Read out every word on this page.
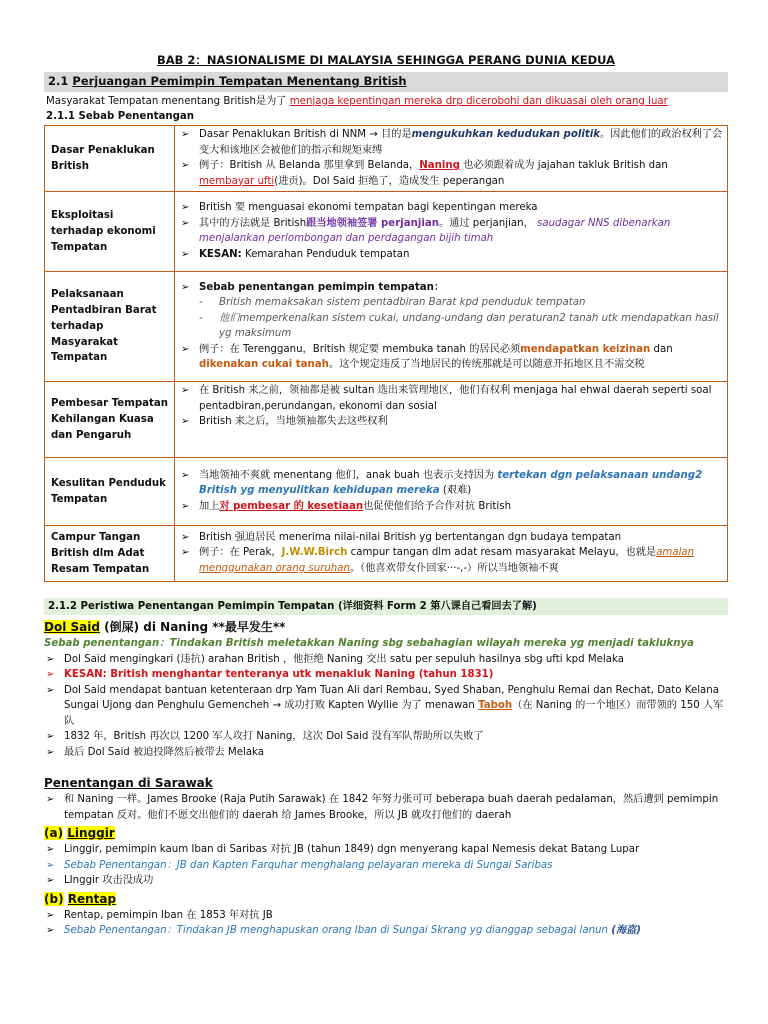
BAB 2：NASIONALISME DI MALAYSIA SEHINGGA PERANG DUNIA KEDUA
2.1 Perjuangan Pemimpin Tempatan Menentang British
Masyarakat Tempatan menentang British是为了 menjaga kepentingan mereka drp dicerobohi dan dikuasai oleh orang luar
2.1.1 Sebab Penentangan
Dasar Penaklukan British	➢ Dasar Penaklukan British di NNM → 目的是mengukuhkan kedudukan politik。因此他们的政治权利了会变大和该地区会被他们的指示和规矩束缚
➢ 例子：British 从 Belanda 那里拿到 Belanda，Naning 也必须跟着成为 jajahan takluk British dan membayar ufti(进贡)。Dol Said 拒绝了，造成发生 peperangan

Eksploitasi terhadap ekonomi Tempatan	➢ British 要 menguasai ekonomi tempatan bagi kepentingan mereka
➢ 其中的方法就是 British跟当地领袖签署 perjanjian。通过 perjanjian， saudagar NNS dibenarkan menjalankan perlombongan dan perdagangan bijih timah
➢ KESAN: Kemarahan Penduduk tempatan

Pelaksanaan Pentadbiran Barat terhadap Masyarakat Tempatan	➢ Sebab penentangan pemimpin tempatan：
- British memaksakan sistem pentadbiran Barat kpd penduduk tempatan
- 他们memperkenalkan sistem cukai, undang-undang dan peraturan2 tanah utk mendapatkan hasil yg maksimum
➢ 例子：在 Terengganu，British 规定要 membuka tanah 的居民必须mendapatkan keizinan dan dikenakan cukai tanah。这个规定违反了当地居民的传统那就是可以随意开拓地区且不需交税

Pembesar Tempatan Kehilangan Kuasa dan Pengaruh	➢ 在 British 来之前，领袖都是被 sultan 选出来管理地区，他们有权利 menjaga hal ehwal daerah seperti soal pentadbiran,perundangan, ekonomi dan sosial
➢ British 来之后，当地领袖都失去这些权利

Kesulitan Penduduk Tempatan	➢ 当地领袖不爽就 menentang 他们，anak buah 也表示支持因为 tertekan dgn pelaksanaan undang2 British yg menyulitkan kehidupan mereka (艰难)
➢ 加上对 pembesar 的 kesetiaan也促使他们给予合作对抗 British

Campur Tangan British dlm Adat Resam Tempatan	➢ British 强迫居民 menerima nilai-nilai British yg bertentangan dgn budaya tempatan
➢ 例子：在 Perak，J.W.W.Birch campur tangan dlm adat resam masyarakat Melayu，也就是amalan menggunakan orang suruhan。（他喜欢带女仆回家···-,-）所以当地领袖不爽
2.1.2 Peristiwa Penentangan Pemimpin Tempatan (详细资料 Form 2 第八课自己看回去了解)
Dol Said (倒屎) di Naning **最早发生**
Sebab penentangan：Tindakan British meletakkan Naning sbg sebahagian wilayah mereka yg menjadi takluknya
➢ Dol Said mengingkari (违抗) arahan British ，他拒绝 Naning 交出 satu per sepuluh hasilnya sbg ufti kpd Melaka
➢ KESAN: British menghantar tenteranya utk menakluk Naning (tahun 1831)
➢ Dol Said mendapat bantuan ketenteraan drp Yam Tuan Ali dari Rembau, Syed Shaban, Penghulu Remai dan Rechat, Dato Kelana Sungai Ujong dan Penghulu Gemencheh → 成功打败 Kapten Wyllie 为了 menawan Taboh（在 Naning 的一个地区）而带领的 150 人军队
➢ 1832 年，British 再次以 1200 军人攻打 Naning，这次 Dol Said 没有军队帮助所以失败了
➢ 最后 Dol Said 被迫投降然后被带去 Melaka
Penentangan di Sarawak
➢ 和 Naning 一样。James Brooke (Raja Putih Sarawak) 在 1842 年努力张可可 beberapa buah daerah pedalaman，然后遭到 pemimpin tempatan 反对。他们不愿交出他们的 daerah 给 James Brooke，所以 JB 就攻打他们的 daerah
(a) Linggir
➢ Linggir, pemimpin kaum Iban di Saribas 对抗 JB (tahun 1849) dgn menyerang kapal Nemesis dekat Batang Lupar
➢ Sebab Penentangan：JB dan Kapten Farquhar menghalang pelayaran mereka di Sungai Saribas
➢ LInggir 攻击没成功
(b) Rentap
➢ Rentap, pemimpin Iban 在 1853 年对抗 JB
➢ Sebab Penentangan：Tindakan JB menghapuskan orang Iban di Sungai Skrang yg dianggap sebagai lanun (海盗)
